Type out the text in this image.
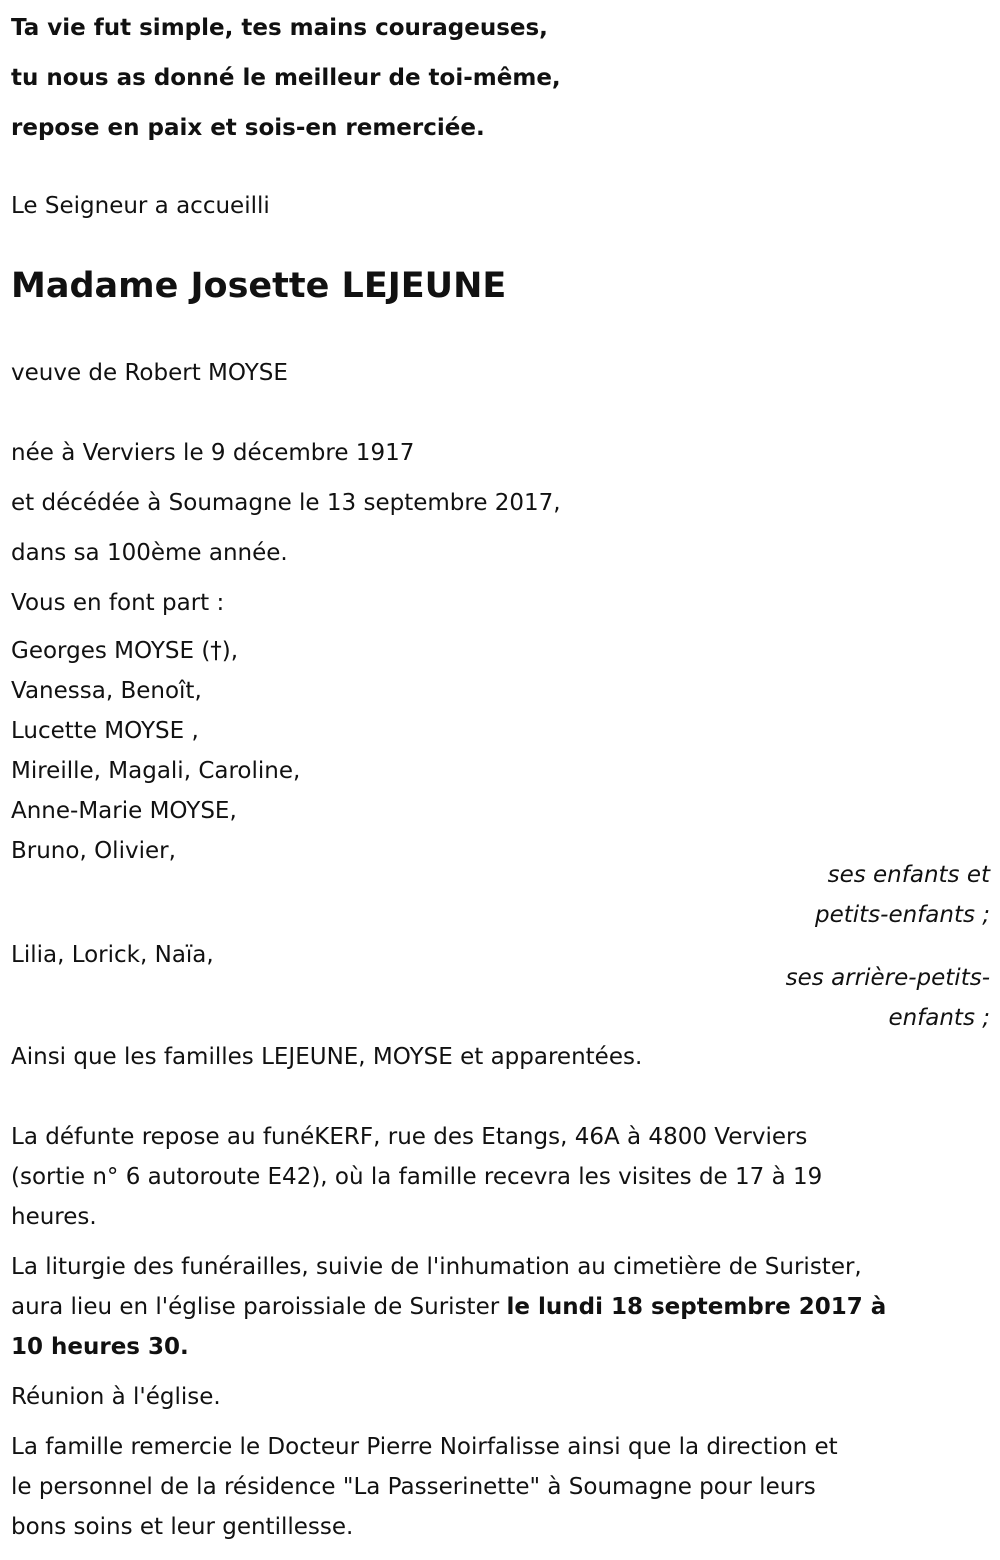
Ta vie fut simple, tes mains courageuses,
tu nous as donné le meilleur de toi-même,
repose en paix et sois-en remerciée.
Le Seigneur a accueilli
Madame Josette LEJEUNE
veuve de Robert MOYSE
née à Verviers le 9 décembre 1917
et décédée à Soumagne le 13 septembre 2017,
dans sa 100ème année.
Vous en font part :
Georges MOYSE (†),
Vanessa, Benoît,
Lucette MOYSE ,
Mireille, Magali, Caroline,
Anne-Marie MOYSE,
Bruno, Olivier,
ses enfants et
petits-enfants ;
Lilia, Lorick, Naïa,
ses arrière-petits-
enfants ;
Ainsi que les familles LEJEUNE, MOYSE et apparentées.
La défunte repose au funéKERF, rue des Etangs, 46A à 4800 Verviers
(sortie n° 6 autoroute E42), où la famille recevra les visites de 17 à 19
heures.
La liturgie des funérailles, suivie de l'inhumation au cimetière de Surister,
aura lieu en l'église paroissiale de Surister le lundi 18 septembre 2017 à
10 heures 30.
Réunion à l'église.
La famille remercie le Docteur Pierre Noirfalisse ainsi que la direction et
le personnel de la résidence "La Passerinette" à Soumagne pour leurs
bons soins et leur gentillesse.
